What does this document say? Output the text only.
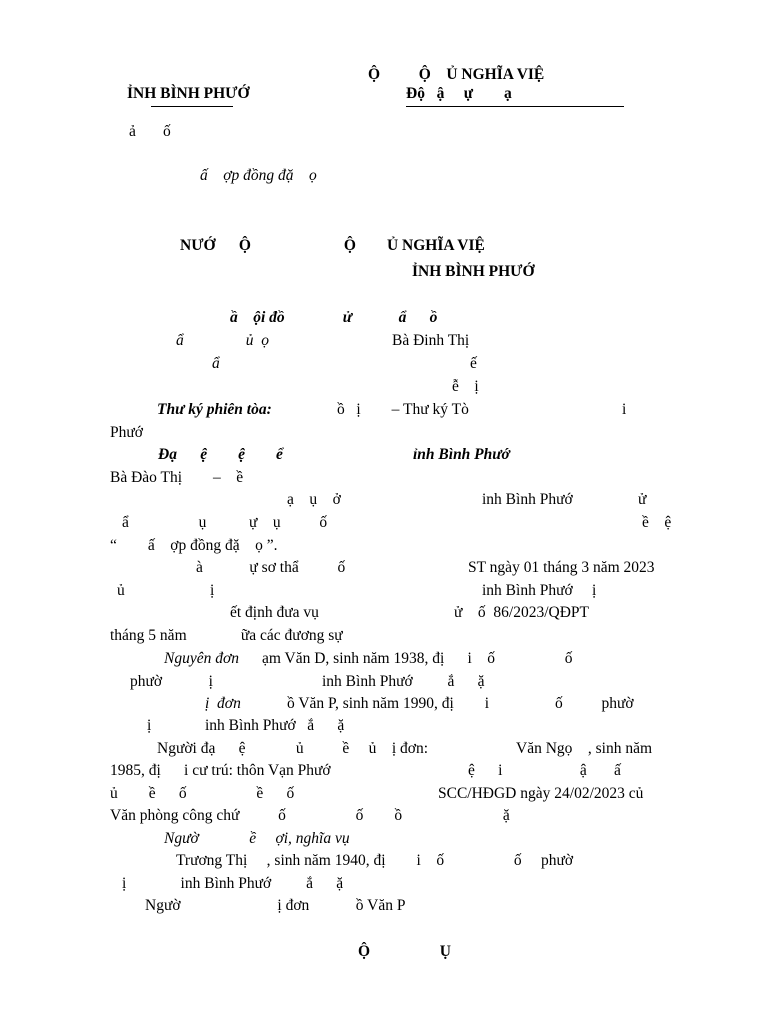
ỈNH BÌNH PHƯỚ
Ộ          Ộ    Ủ NGHĨA VIỆ
Độ   ậ     ự        ạ
ả       ố
ấ    ợp đồng đặ    ọ
NƯỚ      Ộ                        Ộ        Ủ NGHĨA VIỆ
ỈNH BÌNH PHƯỚ
ầ    ội đồ               ử            ẩ      ồ
ẩ                ủ  ọ	Bà Đinh Thị
ẩ	ế
ễ    ị
Thư ký phiên tòa:	ồ   ị        – Thư ký Tò	i
Phướ
Đạ      ệ        ệ        ể	ỉnh Bình Phướ
Bà Đào Thị        –    ề
ạ    ụ    ở	inh Bình Phướ	ử
ẩ                  ụ           ự    ụ          ố	ề    ệ
“        ấ    ợp đồng đặ    ọ ”.
à            ự sơ thẩ          ố	ST ngày 01 tháng 3 năm 2023
ủ                      ị	inh Bình Phướ     ị
ết định đưa vụ	ử    ố  86/2023/QĐPT
tháng 5 năm              ữa các đương sự
Nguyên đơn ạm Văn D, sinh năm 1938, đị      i    ố                  ố
phườ            ị	inh Bình Phướ         ắ      ặ
ị  đơn	ồ Văn P, sinh năm 1990, đị        i                 ố          phườ
ị	inh Bình Phướ   ắ      ặ
Người đạ      ệ             ủ          ề     ủ    ị đơn:	Văn Ngọ    , sinh năm
1985, đị      i cư trú: thôn Vạn Phướ	ệ      i                    ậ       ấ
ủ        ề      ố                  ề      ố	SCC/HĐGD ngày 24/02/2023 củ
Văn phòng công chứ          ố                  ố        ồ                          ặ
Ngườ             ề     ợi, nghĩa vụ
Trương Thị     , sinh năm 1940, đị        i    ố                  ố     phườ
ị              inh Bình Phướ         ắ      ặ
Ngườ                         ị đơn            ồ Văn P
Ộ                  Ụ
